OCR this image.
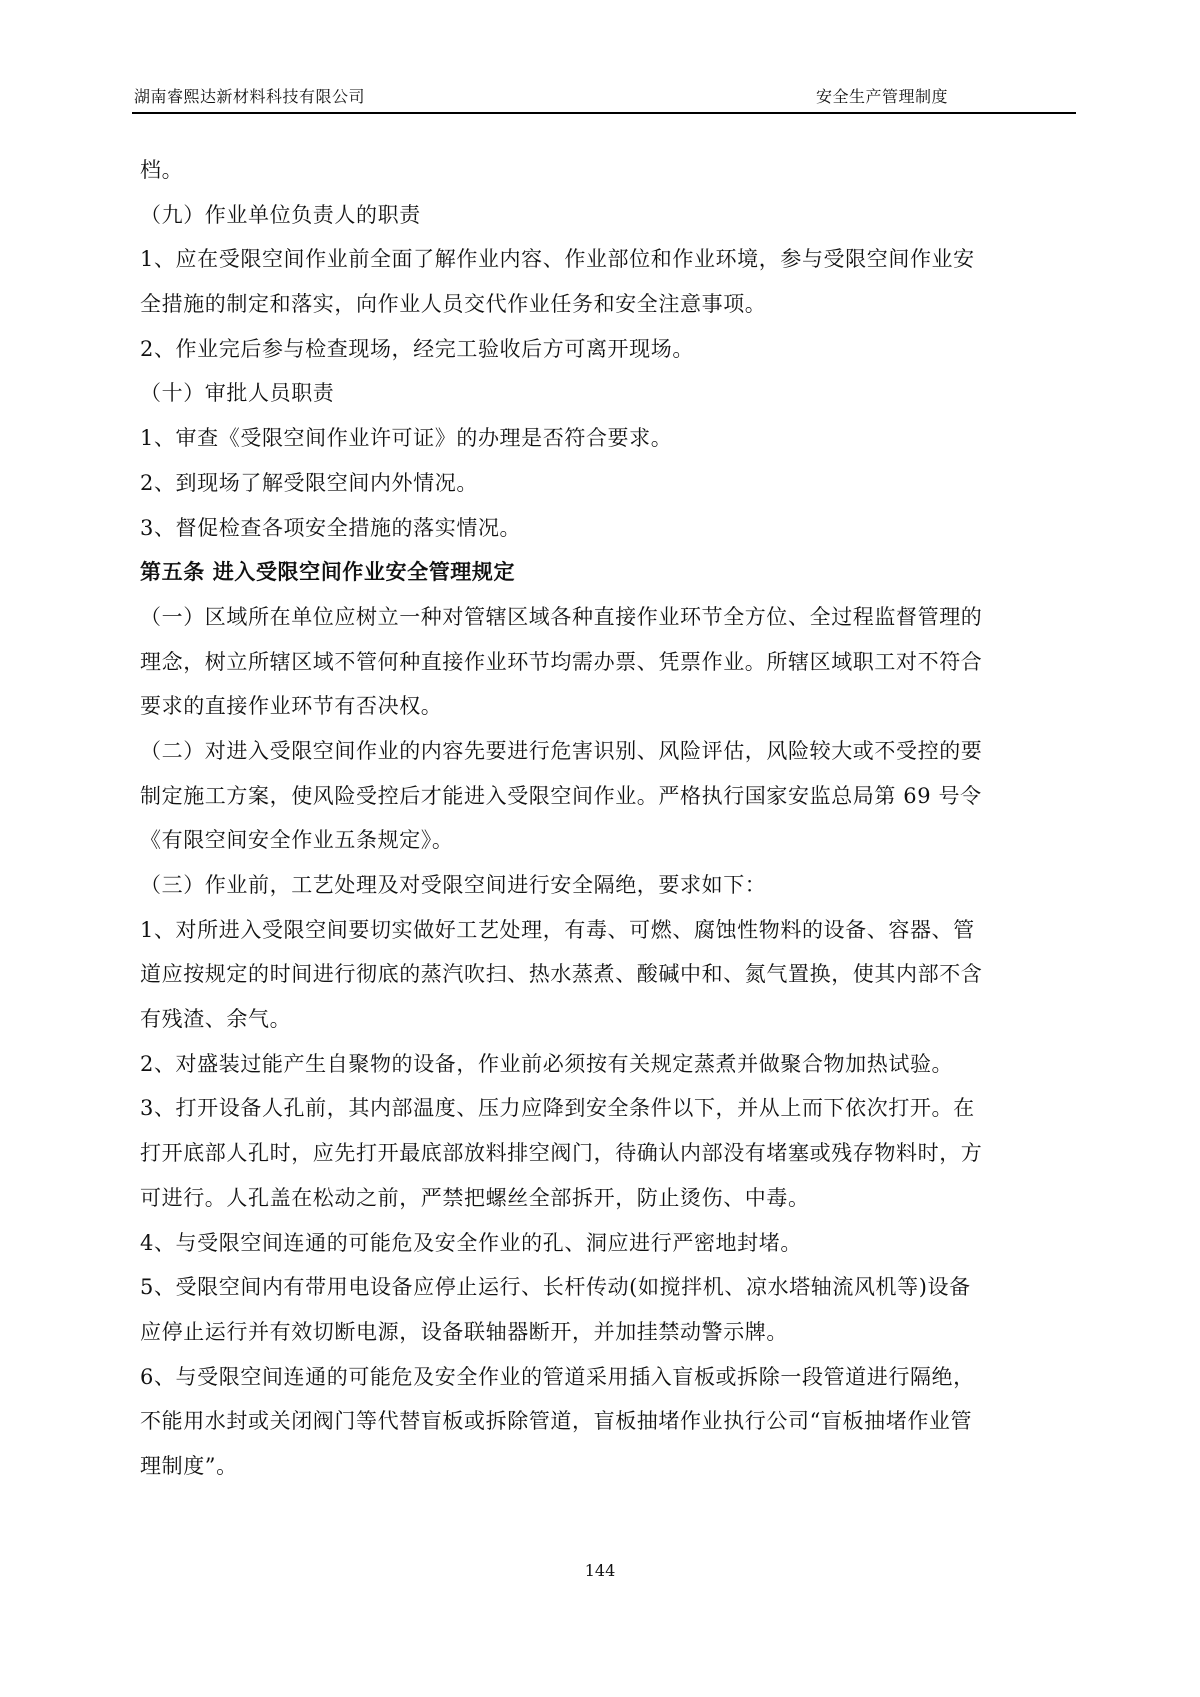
湖南睿熙达新材料科技有限公司	安全生产管理制度
档。
（九）作业单位负责人的职责
1、应在受限空间作业前全面了解作业内容、作业部位和作业环境，参与受限空间作业安
全措施的制定和落实，向作业人员交代作业任务和安全注意事项。
2、作业完后参与检查现场，经完工验收后方可离开现场。
（十）审批人员职责
1、审查《受限空间作业许可证》的办理是否符合要求。
2、到现场了解受限空间内外情况。
3、督促检查各项安全措施的落实情况。
第五条 进入受限空间作业安全管理规定
（一）区域所在单位应树立一种对管辖区域各种直接作业环节全方位、全过程监督管理的
理念，树立所辖区域不管何种直接作业环节均需办票、凭票作业。所辖区域职工对不符合
要求的直接作业环节有否决权。
（二）对进入受限空间作业的内容先要进行危害识别、风险评估，风险较大或不受控的要
制定施工方案，使风险受控后才能进入受限空间作业。严格执行国家安监总局第 69 号令
《有限空间安全作业五条规定》。
（三）作业前，工艺处理及对受限空间进行安全隔绝，要求如下：
1、对所进入受限空间要切实做好工艺处理，有毒、可燃、腐蚀性物料的设备、容器、管
道应按规定的时间进行彻底的蒸汽吹扫、热水蒸煮、酸碱中和、氮气置换，使其内部不含
有残渣、余气。
2、对盛装过能产生自聚物的设备，作业前必须按有关规定蒸煮并做聚合物加热试验。
3、打开设备人孔前，其内部温度、压力应降到安全条件以下，并从上而下依次打开。在
打开底部人孔时，应先打开最底部放料排空阀门，待确认内部没有堵塞或残存物料时，方
可进行。人孔盖在松动之前，严禁把螺丝全部拆开，防止烫伤、中毒。
4、与受限空间连通的可能危及安全作业的孔、洞应进行严密地封堵。
5、受限空间内有带用电设备应停止运行、长杆传动(如搅拌机、凉水塔轴流风机等)设备
应停止运行并有效切断电源，设备联轴器断开，并加挂禁动警示牌。
6、与受限空间连通的可能危及安全作业的管道采用插入盲板或拆除一段管道进行隔绝，
不能用水封或关闭阀门等代替盲板或拆除管道，盲板抽堵作业执行公司“盲板抽堵作业管
理制度”。
144
